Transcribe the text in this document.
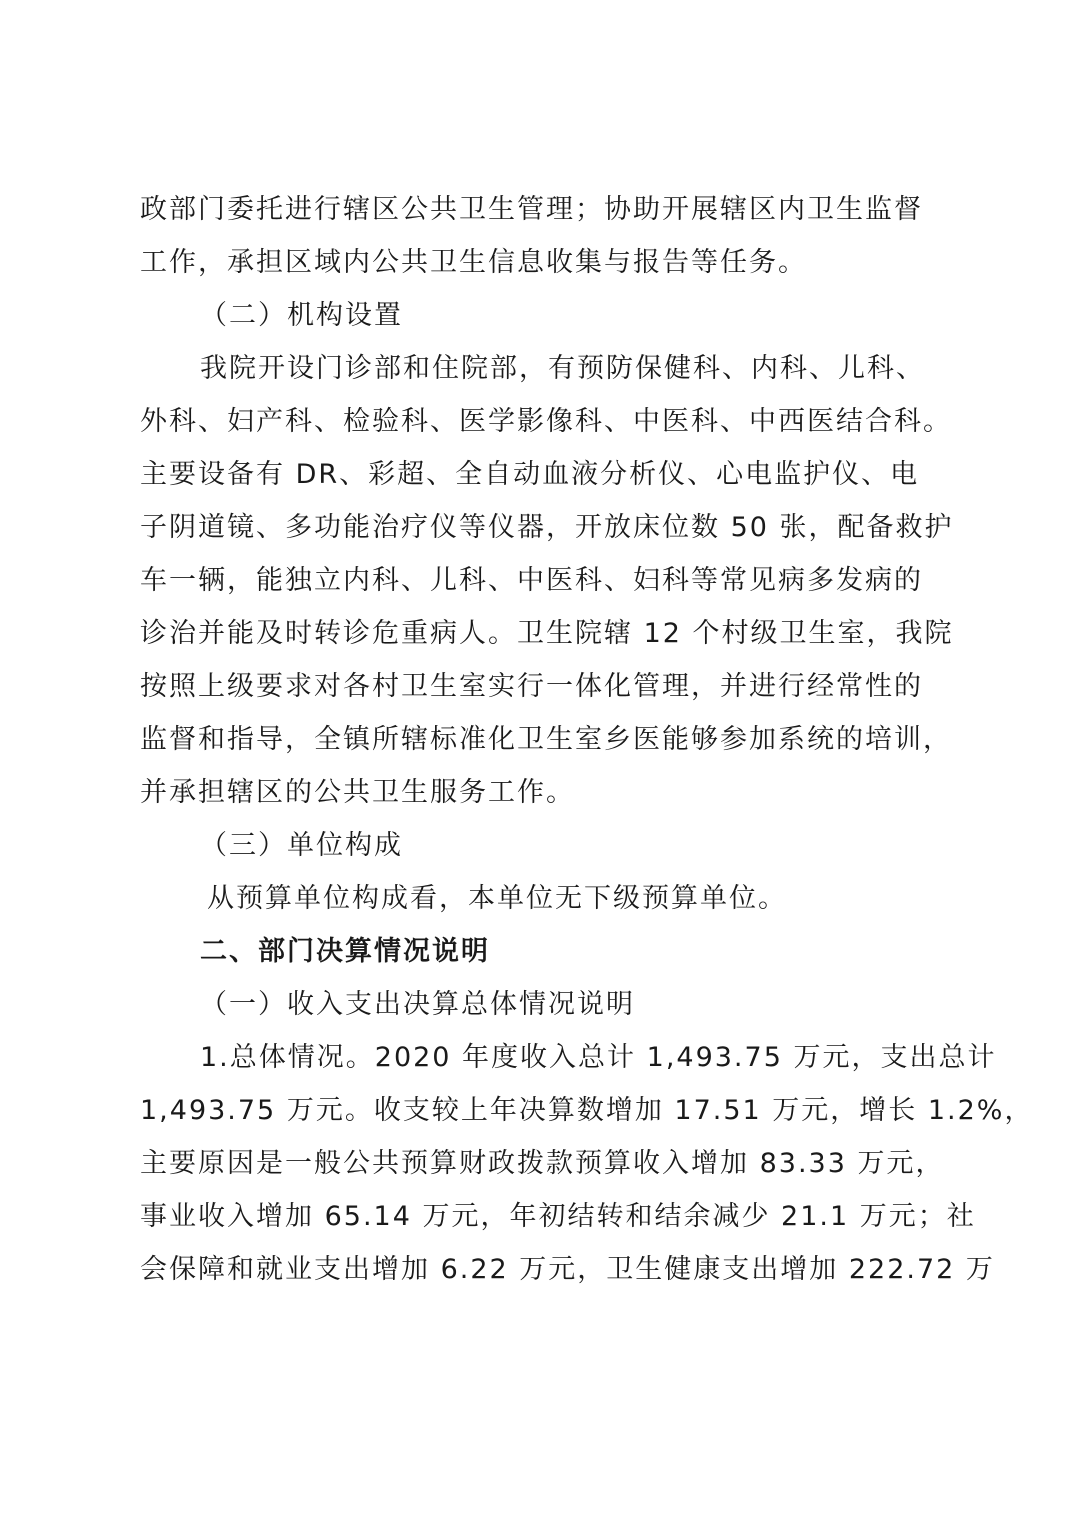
政部门委托进行辖区公共卫生管理；协助开展辖区内卫生监督
工作，承担区域内公共卫生信息收集与报告等任务。
（二）机构设置
我院开设门诊部和住院部，有预防保健科、内科、儿科、
外科、妇产科、检验科、医学影像科、中医科、中西医结合科。
主要设备有 DR、彩超、全自动血液分析仪、心电监护仪、电
子阴道镜、多功能治疗仪等仪器，开放床位数 50 张，配备救护
车一辆，能独立内科、儿科、中医科、妇科等常见病多发病的
诊治并能及时转诊危重病人。卫生院辖 12 个村级卫生室，我院
按照上级要求对各村卫生室实行一体化管理，并进行经常性的
监督和指导，全镇所辖标准化卫生室乡医能够参加系统的培训，
并承担辖区的公共卫生服务工作。
（三）单位构成
从预算单位构成看，本单位无下级预算单位。
二、部门决算情况说明
（一）收入支出决算总体情况说明
1.总体情况。2020 年度收入总计 1,493.75 万元，支出总计
1,493.75 万元。收支较上年决算数增加 17.51 万元，增长 1.2%，
主要原因是一般公共预算财政拨款预算收入增加 83.33 万元，
事业收入增加 65.14 万元，年初结转和结余减少 21.1 万元；社
会保障和就业支出增加 6.22 万元，卫生健康支出增加 222.72 万
